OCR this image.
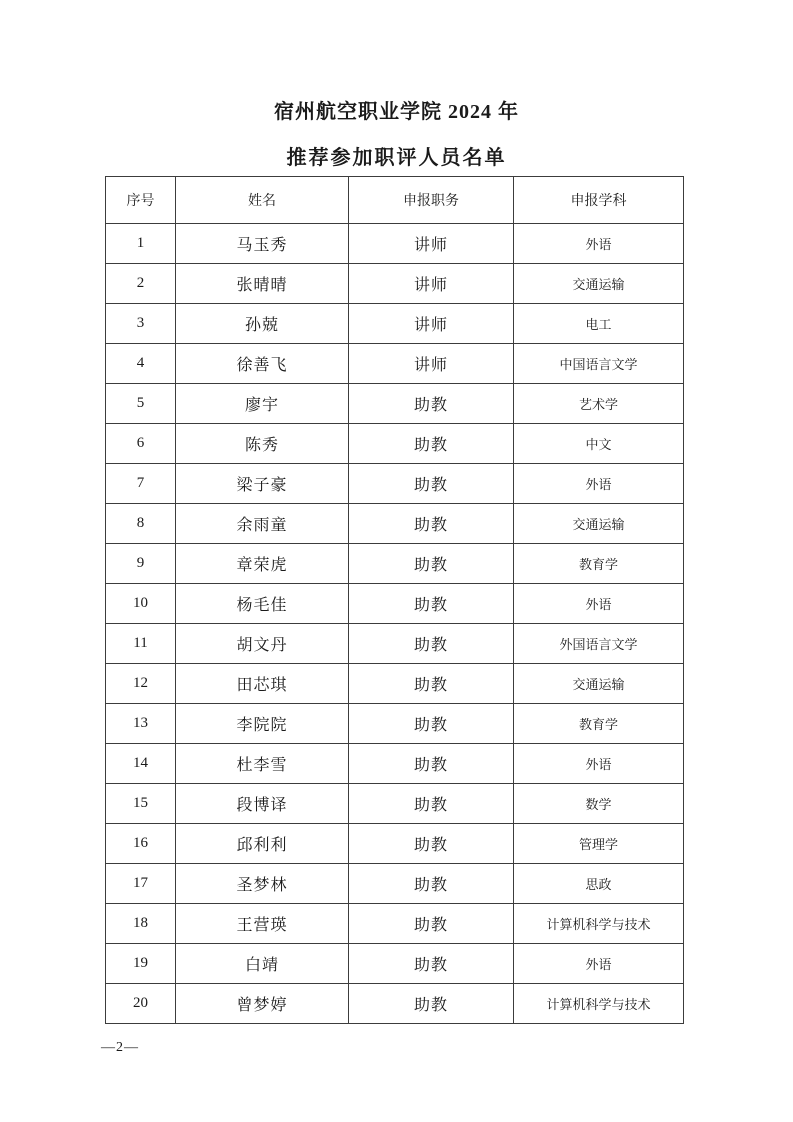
宿州航空职业学院 2024 年
推荐参加职评人员名单
序号	姓名	申报职务	申报学科
1	马玉秀	讲师	外语
2	张晴晴	讲师	交通运输
3	孙兢	讲师	电工
4	徐善飞	讲师	中国语言文学
5	廖宇	助教	艺术学
6	陈秀	助教	中文
7	梁子豪	助教	外语
8	余雨童	助教	交通运输
9	章荣虎	助教	教育学
10	杨毛佳	助教	外语
11	胡文丹	助教	外国语言文学
12	田芯琪	助教	交通运输
13	李院院	助教	教育学
14	杜李雪	助教	外语
15	段博译	助教	数学
16	邱利利	助教	管理学
17	圣梦林	助教	思政
18	王营瑛	助教	计算机科学与技术
19	白靖	助教	外语
20	曾梦婷	助教	计算机科学与技术
—2—
